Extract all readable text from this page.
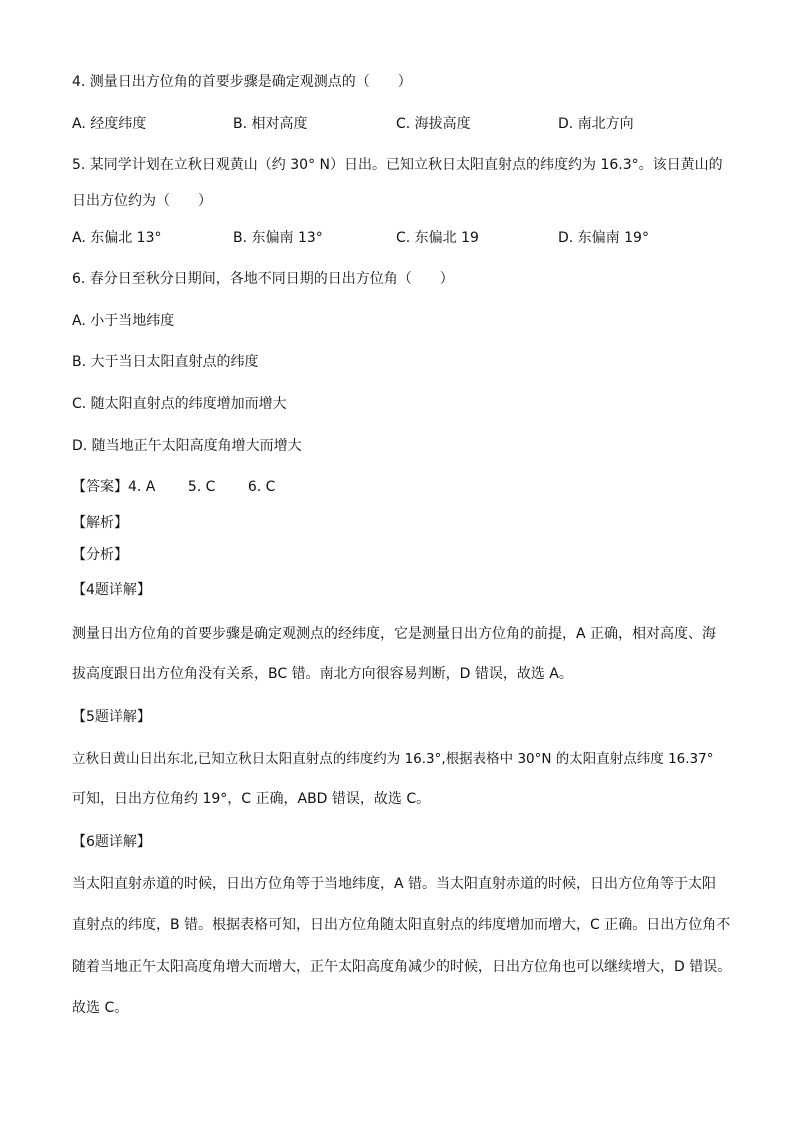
4. 测量日出方位角的首要步骤是确定观测点的（　　）
A. 经度纬度	B. 相对高度	C. 海拔高度	D. 南北方向
5. 某同学计划在立秋日观黄山（约 30° N）日出。已知立秋日太阳直射点的纬度约为 16.3°。该日黄山的
日出方位约为（　　）
A. 东偏北 13°	B. 东偏南 13°	C. 东偏北 19	D. 东偏南 19°
6. 春分日至秋分日期间，各地不同日期的日出方位角（　　）
A. 小于当地纬度
B. 大于当日太阳直射点的纬度
C. 随太阳直射点的纬度增加而增大
D. 随当地正午太阳高度角增大而增大
【答案】4. A　　 5. C　　 6. C
【解析】
【分析】
【4题详解】
测量日出方位角的首要步骤是确定观测点的经纬度，它是测量日出方位角的前提，A 正确，相对高度、海
拔高度跟日出方位角没有关系，BC 错。南北方向很容易判断，D 错误，故选 A。
【5题详解】
立秋日黄山日出东北,已知立秋日太阳直射点的纬度约为 16.3°,根据表格中 30°N 的太阳直射点纬度 16.37°
可知，日出方位角约 19°，C 正确，ABD 错误，故选 C。
【6题详解】
当太阳直射赤道的时候，日出方位角等于当地纬度，A 错。当太阳直射赤道的时候，日出方位角等于太阳
直射点的纬度，B 错。根据表格可知，日出方位角随太阳直射点的纬度增加而增大，C 正确。日出方位角不
随着当地正午太阳高度角增大而增大，正午太阳高度角减少的时候，日出方位角也可以继续增大，D 错误。
故选 C。
